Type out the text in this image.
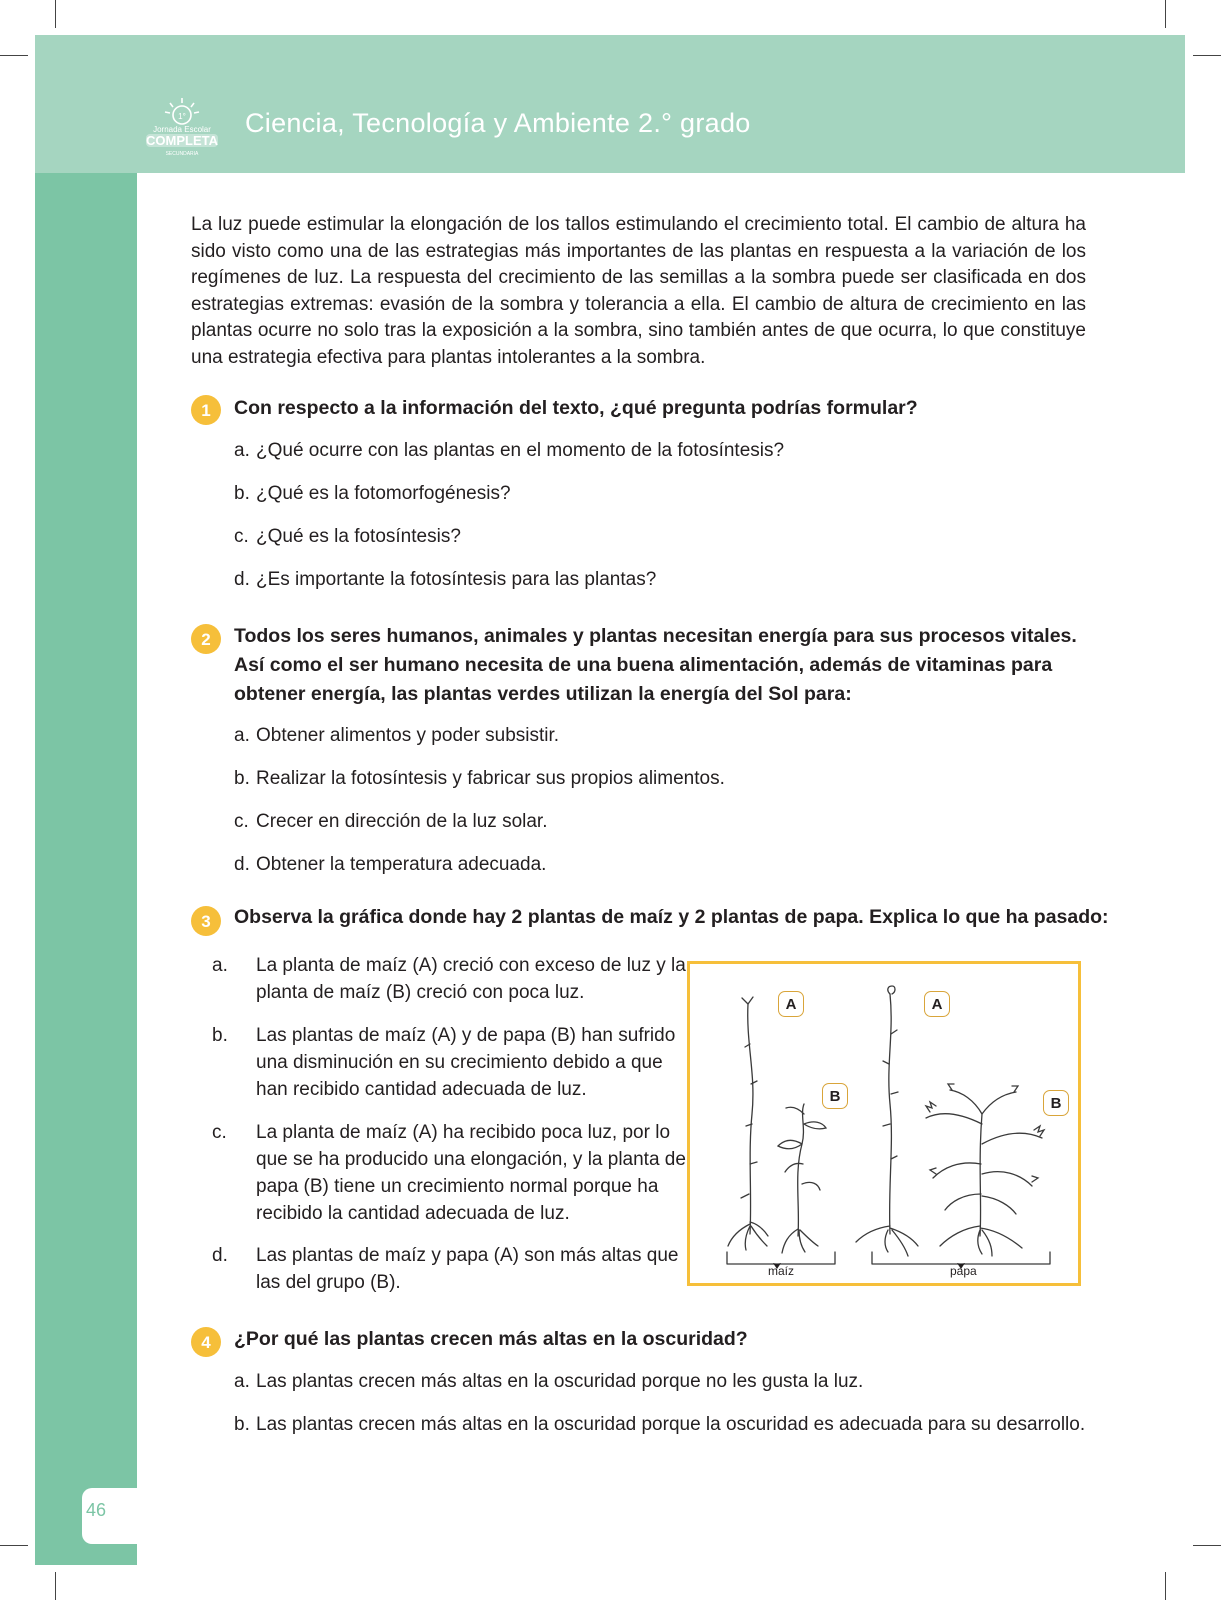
1°
Jornada Escolar
COMPLETA
SECUNDARIA
Ciencia, Tecnología y Ambiente 2.° grado

La luz puede estimular la elongación de los tallos estimulando el crecimiento total. El cambio de altura ha sido visto como una de las estrategias más importantes de las plantas en respuesta a la variación de los regímenes de luz. La respuesta del crecimiento de las semillas a la sombra puede ser clasificada en dos estrategias extremas: evasión de la sombra y tolerancia a ella. El cambio de altura de crecimiento en las plantas ocurre no solo tras la exposición a la sombra, sino también antes de que ocurra, lo que constituye una estrategia efectiva para plantas intolerantes a la sombra.

1	Con respecto a la información del texto, ¿qué pregunta podrías formular?

a. ¿Qué ocurre con las plantas en el momento de la fotosíntesis?

b. ¿Qué es la fotomorfogénesis?

c. ¿Qué es la fotosíntesis?

d. ¿Es importante la fotosíntesis para las plantas?

2	Todos los seres humanos, animales y plantas necesitan energía para sus procesos vitales. Así como el ser humano necesita de una buena alimentación, además de vitaminas para obtener energía, las plantas verdes utilizan la energía del Sol para:

a. Obtener alimentos y poder subsistir.

b. Realizar la fotosíntesis y fabricar sus propios alimentos.

c. Crecer en dirección de la luz solar.

d. Obtener la temperatura adecuada.

3	Observa la gráfica donde hay 2 plantas de maíz y 2 plantas de papa. Explica lo que ha pasado:

a. La planta de maíz (A) creció con exceso de luz y la planta de maíz (B) creció con poca luz.

b. Las plantas de maíz (A) y de papa (B) han sufrido una disminución en su crecimiento debido a que han recibido cantidad adecuada de luz.

c. La planta de maíz (A) ha recibido poca luz, por lo que se ha producido una elongación, y la planta de papa (B) tiene un crecimiento normal porque ha recibido la cantidad adecuada de luz.

d. Las plantas de maíz y papa (A) son más altas que las del grupo (B).

A
B
A
B
maíz	papa
4	¿Por qué las plantas crecen más altas en la oscuridad?

a. Las plantas crecen más altas en la oscuridad porque no les gusta la luz.

b. Las plantas crecen más altas en la oscuridad porque la oscuridad es adecuada para su desarrollo.

46
